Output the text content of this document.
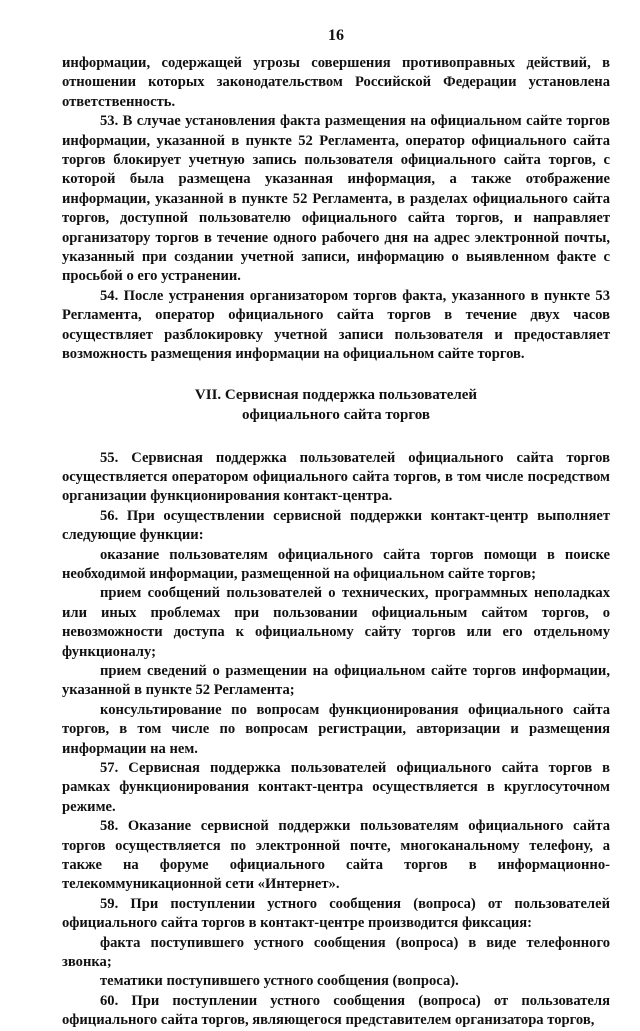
16

информации, содержащей угрозы совершения противоправных действий, в отношении которых законодательством Российской Федерации установлена ответственность.

53. В случае установления факта размещения на официальном сайте торгов информации, указанной в пункте 52 Регламента, оператор официального сайта торгов блокирует учетную запись пользователя официального сайта торгов, с которой была размещена указанная информация, а также отображение информации, указанной в пункте 52 Регламента, в разделах официального сайта торгов, доступной пользователю официального сайта торгов, и направляет организатору торгов в течение одного рабочего дня на адрес электронной почты, указанный при создании учетной записи, информацию о выявленном факте с просьбой о его устранении.

54. После устранения организатором торгов факта, указанного в пункте 53 Регламента, оператор официального сайта торгов в течение двух часов осуществляет разблокировку учетной записи пользователя и предоставляет возможность размещения информации на официальном сайте торгов.

VII. Сервисная поддержка пользователей

официального сайта торгов

55. Сервисная поддержка пользователей официального сайта торгов осуществляется оператором официального сайта торгов, в том числе посредством организации функционирования контакт-центра.

56. При осуществлении сервисной поддержки контакт-центр выполняет следующие функции:

оказание пользователям официального сайта торгов помощи в поиске необходимой информации, размещенной на официальном сайте торгов;

прием сообщений пользователей о технических, программных неполадках или иных проблемах при пользовании официальным сайтом торгов, о невозможности доступа к официальному сайту торгов или его отдельному функционалу;

прием сведений о размещении на официальном сайте торгов информации, указанной в пункте 52 Регламента;

консультирование по вопросам функционирования официального сайта торгов, в том числе по вопросам регистрации, авторизации и размещения информации на нем.

57. Сервисная поддержка пользователей официального сайта торгов в рамках функционирования контакт-центра осуществляется в круглосуточном режиме.

58. Оказание сервисной поддержки пользователям официального сайта торгов осуществляется по электронной почте, многоканальному телефону, а также на форуме официального сайта торгов в информационно-телекоммуникационной сети «Интернет».

59. При поступлении устного сообщения (вопроса) от пользователей официального сайта торгов в контакт-центре производится фиксация:

факта поступившего устного сообщения (вопроса) в виде телефонного звонка;

тематики поступившего устного сообщения (вопроса).

60. При поступлении устного сообщения (вопроса) от пользователя официального сайта торгов, являющегося представителем организатора торгов,
